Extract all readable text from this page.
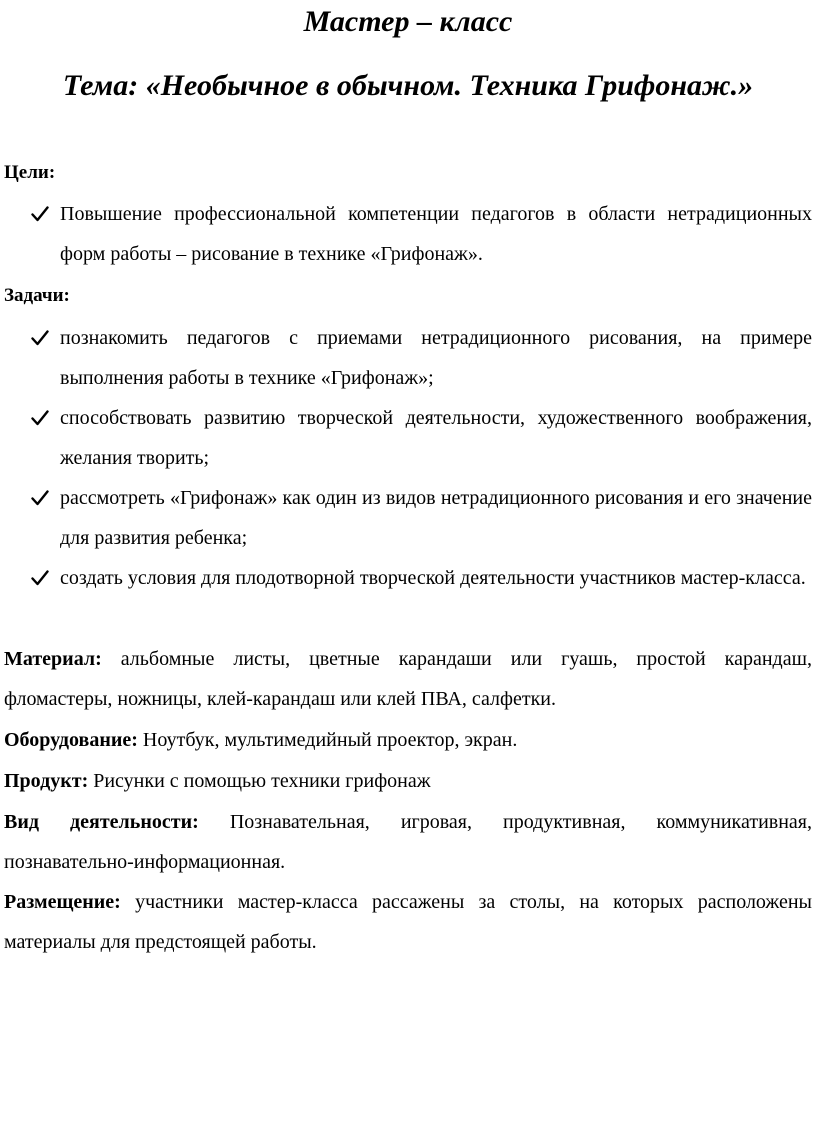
Мастер – класс
Тема: «Необычное в обычном. Техника Грифонаж.»

Цели:

Повышение профессиональной компетенции педагогов в области нетрадиционных форм работы – рисование в технике «Грифонаж».

Задачи:

познакомить педагогов с приемами нетрадиционного рисования, на примере выполнения работы в технике «Грифонаж»;
способствовать развитию творческой деятельности, художественного воображения, желания творить;
рассмотреть «Грифонаж» как один из видов нетрадиционного рисования и его значение для развития ребенка;
создать условия для плодотворной творческой деятельности участников мастер-класса.

Материал: альбомные листы, цветные карандаши или гуашь, простой карандаш, фломастеры, ножницы, клей-карандаш или клей ПВА, салфетки.

Оборудование: Ноутбук, мультимедийный проектор, экран.

Продукт: Рисунки с помощью техники грифонаж

Вид деятельности: Познавательная, игровая, продуктивная, коммуникативная, познавательно-информационная.

Размещение: участники мастер-класса рассажены за столы, на которых расположены материалы для предстоящей работы.
